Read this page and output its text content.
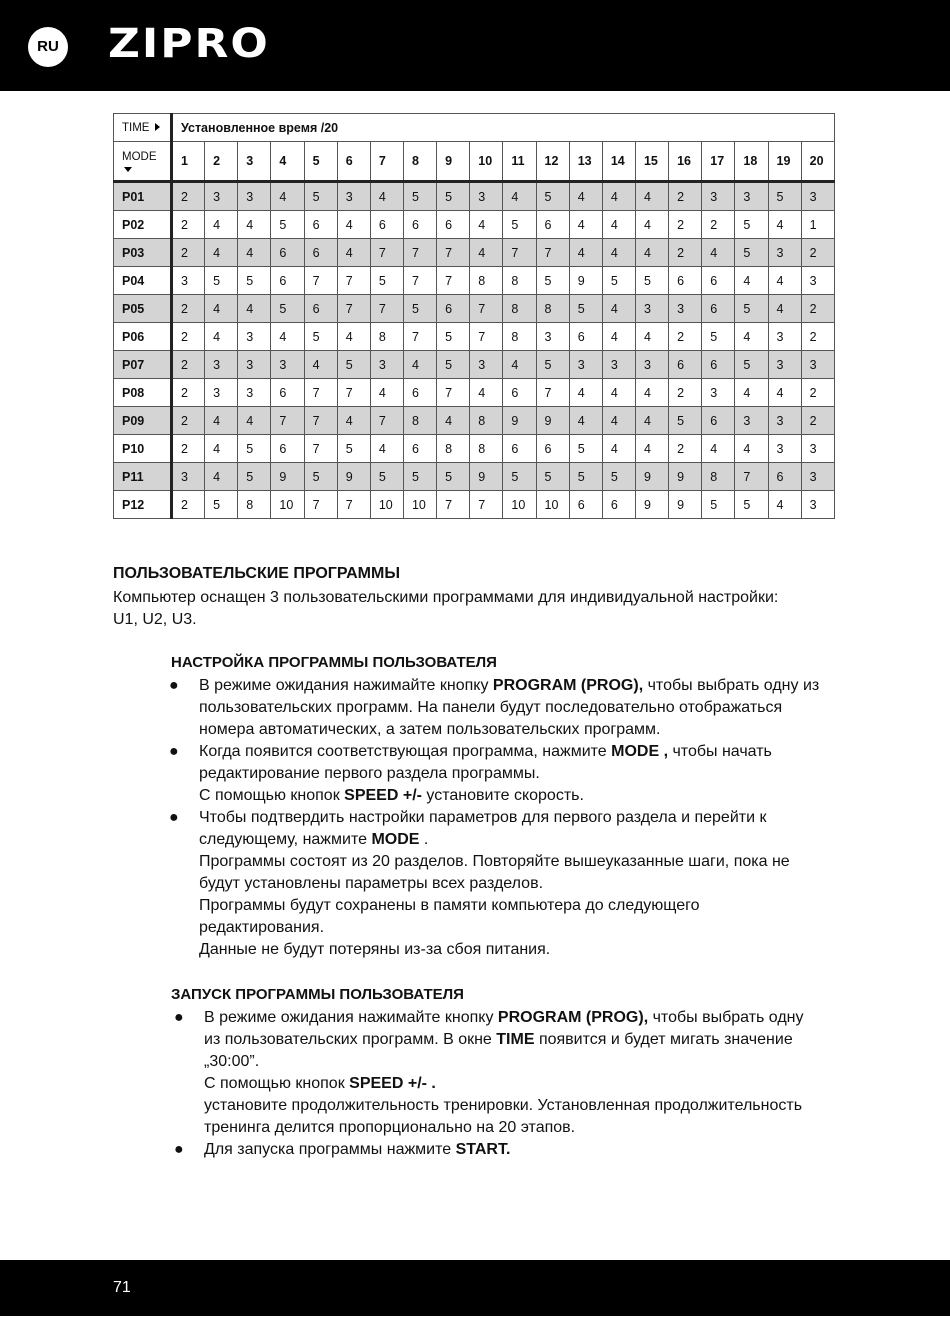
RU ZIPRO
TIME	Установленное время /20																			
MODE	1	2	3	4	5	6	7	8	9	10	11	12	13	14	15	16	17	18	19	20
P01	2	3	3	4	5	3	4	5	5	3	4	5	4	4	4	2	3	3	5	3
P02	2	4	4	5	6	4	6	6	6	4	5	6	4	4	4	2	2	5	4	1
P03	2	4	4	6	6	4	7	7	7	4	7	7	4	4	4	2	4	5	3	2
P04	3	5	5	6	7	7	5	7	7	8	8	5	9	5	5	6	6	4	4	3
P05	2	4	4	5	6	7	7	5	6	7	8	8	5	4	3	3	6	5	4	2
P06	2	4	3	4	5	4	8	7	5	7	8	3	6	4	4	2	5	4	3	2
P07	2	3	3	3	4	5	3	4	5	3	4	5	3	3	3	6	6	5	3	3
P08	2	3	3	6	7	7	4	6	7	4	6	7	4	4	4	2	3	4	4	2
P09	2	4	4	7	7	4	7	8	4	8	9	9	4	4	4	5	6	3	3	2
P10	2	4	5	6	7	5	4	6	8	8	6	6	5	4	4	2	4	4	3	3
P11	3	4	5	9	5	9	5	5	5	9	5	5	5	5	9	9	8	7	6	3
P12	2	5	8	10	7	7	10	10	7	7	10	10	6	6	9	9	5	5	4	3
ПОЛЬЗОВАТЕЛЬСКИЕ ПРОГРАММЫ
Компьютер оснащен 3 пользовательскими программами для индивидуальной настройки:
U1, U2, U3.
НАСТРОЙКА ПРОГРАММЫ ПОЛЬЗОВАТЕЛЯ
● В режиме ожидания нажимайте кнопку PROGRAM (PROG), чтобы выбрать одну из
пользовательских программ. На панели будут последовательно отображаться
номера автоматических, а затем пользовательских программ.
● Когда появится соответствующая программа, нажмите MODE , чтобы начать
редактирование первого раздела программы.
С помощью кнопок SPEED +/- установите скорость.
● Чтобы подтвердить настройки параметров для первого раздела и перейти к
следующему, нажмите MODE .
Программы состоят из 20 разделов. Повторяйте вышеуказанные шаги, пока не
будут установлены параметры всех разделов.
Программы будут сохранены в памяти компьютера до следующего
редактирования.
Данные не будут потеряны из-за сбоя питания.
ЗАПУСК ПРОГРАММЫ ПОЛЬЗОВАТЕЛЯ
● В режиме ожидания нажимайте кнопку PROGRAM (PROG), чтобы выбрать одну
из пользовательских программ. В окне TIME появится и будет мигать значение
„30:00”.
С помощью кнопок SPEED +/- .
установите продолжительность тренировки. Установленная продолжительность
тренинга делится пропорционально на 20 этапов.
● Для запуска программы нажмите START.
71
